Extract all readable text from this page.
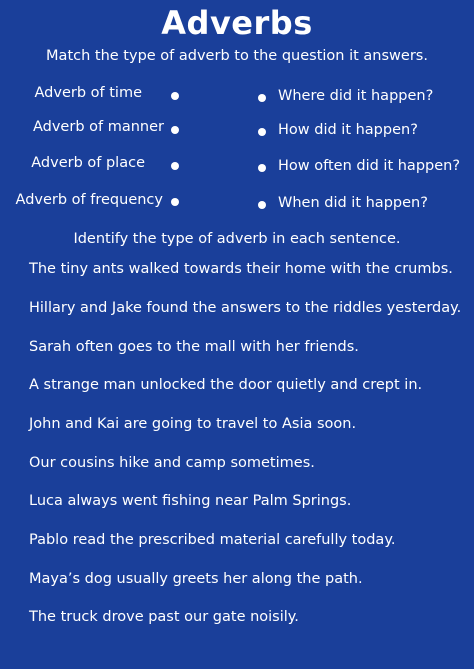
Adverbs
Match the type of adverb to the question it answers.
Adverb of time
Adverb of manner
Adverb of place
Adverb of frequency
Where did it happen?
How did it happen?
How often did it happen?
When did it happen?
Identify the type of adverb in each sentence.
The tiny ants walked towards their home with the crumbs.
Hillary and Jake found the answers to the riddles yesterday.
Sarah often goes to the mall with her friends.
A strange man unlocked the door quietly and crept in.
John and Kai are going to travel to Asia soon.
Our cousins hike and camp sometimes.
Luca always went fishing near Palm Springs.
Pablo read the prescribed material carefully today.
Maya’s dog usually greets her along the path.
The truck drove past our gate noisily.
